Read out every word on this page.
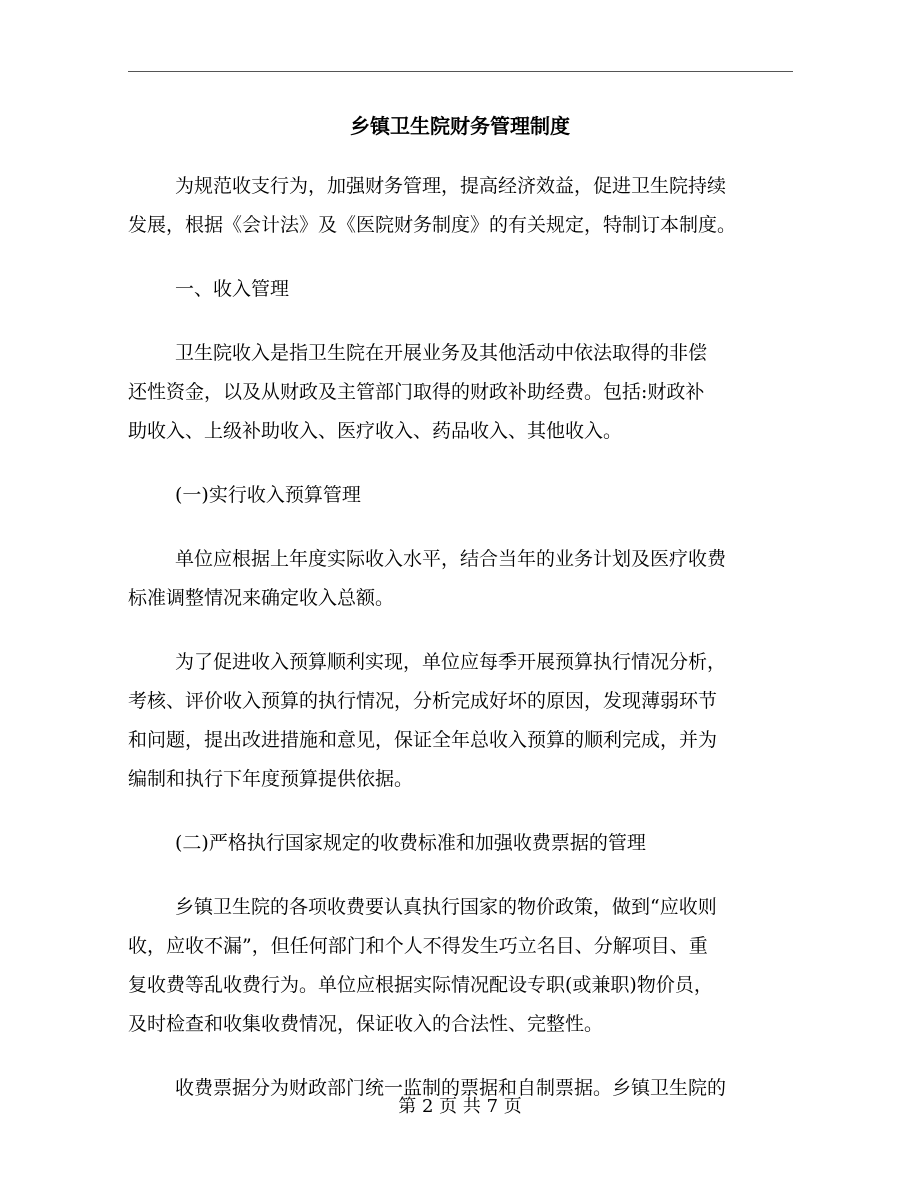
乡镇卫生院财务管理制度

为规范收支行为，加强财务管理，提高经济效益，促进卫生院持续
发展，根据《会计法》及《医院财务制度》的有关规定，特制订本制度。

一、收入管理

卫生院收入是指卫生院在开展业务及其他活动中依法取得的非偿
还性资金，以及从财政及主管部门取得的财政补助经费。包括:财政补
助收入、上级补助收入、医疗收入、药品收入、其他收入。

(一)实行收入预算管理

单位应根据上年度实际收入水平，结合当年的业务计划及医疗收费
标准调整情况来确定收入总额。

为了促进收入预算顺利实现，单位应每季开展预算执行情况分析，
考核、评价收入预算的执行情况，分析完成好坏的原因，发现薄弱环节
和问题，提出改进措施和意见，保证全年总收入预算的顺利完成，并为
编制和执行下年度预算提供依据。

(二)严格执行国家规定的收费标准和加强收费票据的管理

乡镇卫生院的各项收费要认真执行国家的物价政策，做到“应收则
收，应收不漏”，但任何部门和个人不得发生巧立名目、分解项目、重
复收费等乱收费行为。单位应根据实际情况配设专职(或兼职)物价员，
及时检查和收集收费情况，保证收入的合法性、完整性。

收费票据分为财政部门统一监制的票据和自制票据。乡镇卫生院的

第 2 页 共 7 页
